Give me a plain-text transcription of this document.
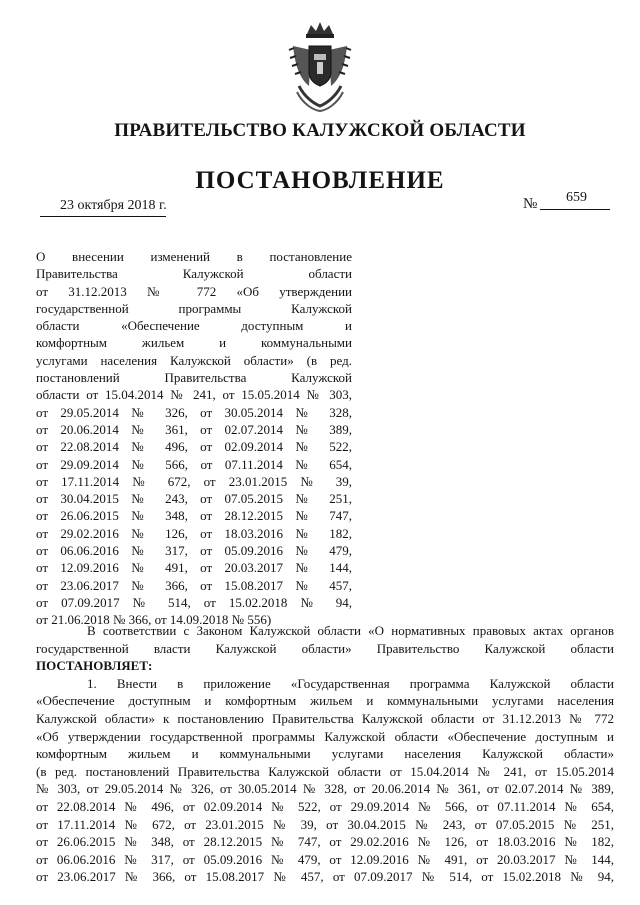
ПРАВИТЕЛЬСТВО КАЛУЖСКОЙ ОБЛАСТИ
ПОСТАНОВЛЕНИЕ
23 октября 2018 г.	№ 659
О внесении изменений в постановление
Правительства Калужской области
от 31.12.2013 № 772 «Об утверждении
государственной программы Калужской
области «Обеспечение доступным и
комфортным жильем и коммунальными
услугами населения Калужской области» (в ред.
постановлений Правительства Калужской
области от 15.04.2014 № 241, от 15.05.2014 № 303,
от 29.05.2014 № 326, от 30.05.2014 № 328,
от 20.06.2014 № 361, от 02.07.2014 № 389,
от 22.08.2014 № 496, от 02.09.2014 № 522,
от 29.09.2014 № 566, от 07.11.2014 № 654,
от 17.11.2014 № 672, от 23.01.2015 № 39,
от 30.04.2015 № 243, от 07.05.2015 № 251,
от 26.06.2015 № 348, от 28.12.2015 № 747,
от 29.02.2016 № 126, от 18.03.2016 № 182,
от 06.06.2016 № 317, от 05.09.2016 № 479,
от 12.09.2016 № 491, от 20.03.2017 № 144,
от 23.06.2017 № 366, от 15.08.2017 № 457,
от 07.09.2017 № 514, от 15.02.2018 № 94,
от 21.06.2018 № 366, от 14.09.2018 № 556)
В соответствии с Законом Калужской области «О нормативных правовых актах органов
государственной власти Калужской области» Правительство Калужской области
ПОСТАНОВЛЯЕТ:
1. Внести в приложение «Государственная программа Калужской области
«Обеспечение доступным и комфортным жильем и коммунальными услугами населения
Калужской области» к постановлению Правительства Калужской области от 31.12.2013 № 772
«Об утверждении государственной программы Калужской области «Обеспечение доступным и
комфортным жильем и коммунальными услугами населения Калужской области»
(в ред. постановлений Правительства Калужской области от 15.04.2014 № 241, от 15.05.2014
№ 303, от 29.05.2014 № 326, от 30.05.2014 № 328, от 20.06.2014 № 361, от 02.07.2014 № 389,
от 22.08.2014 № 496, от 02.09.2014 № 522, от 29.09.2014 № 566, от 07.11.2014 № 654,
от 17.11.2014 № 672, от 23.01.2015 № 39, от 30.04.2015 № 243, от 07.05.2015 № 251,
от 26.06.2015 № 348, от 28.12.2015 № 747, от 29.02.2016 № 126, от 18.03.2016 № 182,
от 06.06.2016 № 317, от 05.09.2016 № 479, от 12.09.2016 № 491, от 20.03.2017 № 144,
от 23.06.2017 № 366, от 15.08.2017 № 457, от 07.09.2017 № 514, от 15.02.2018 № 94,
